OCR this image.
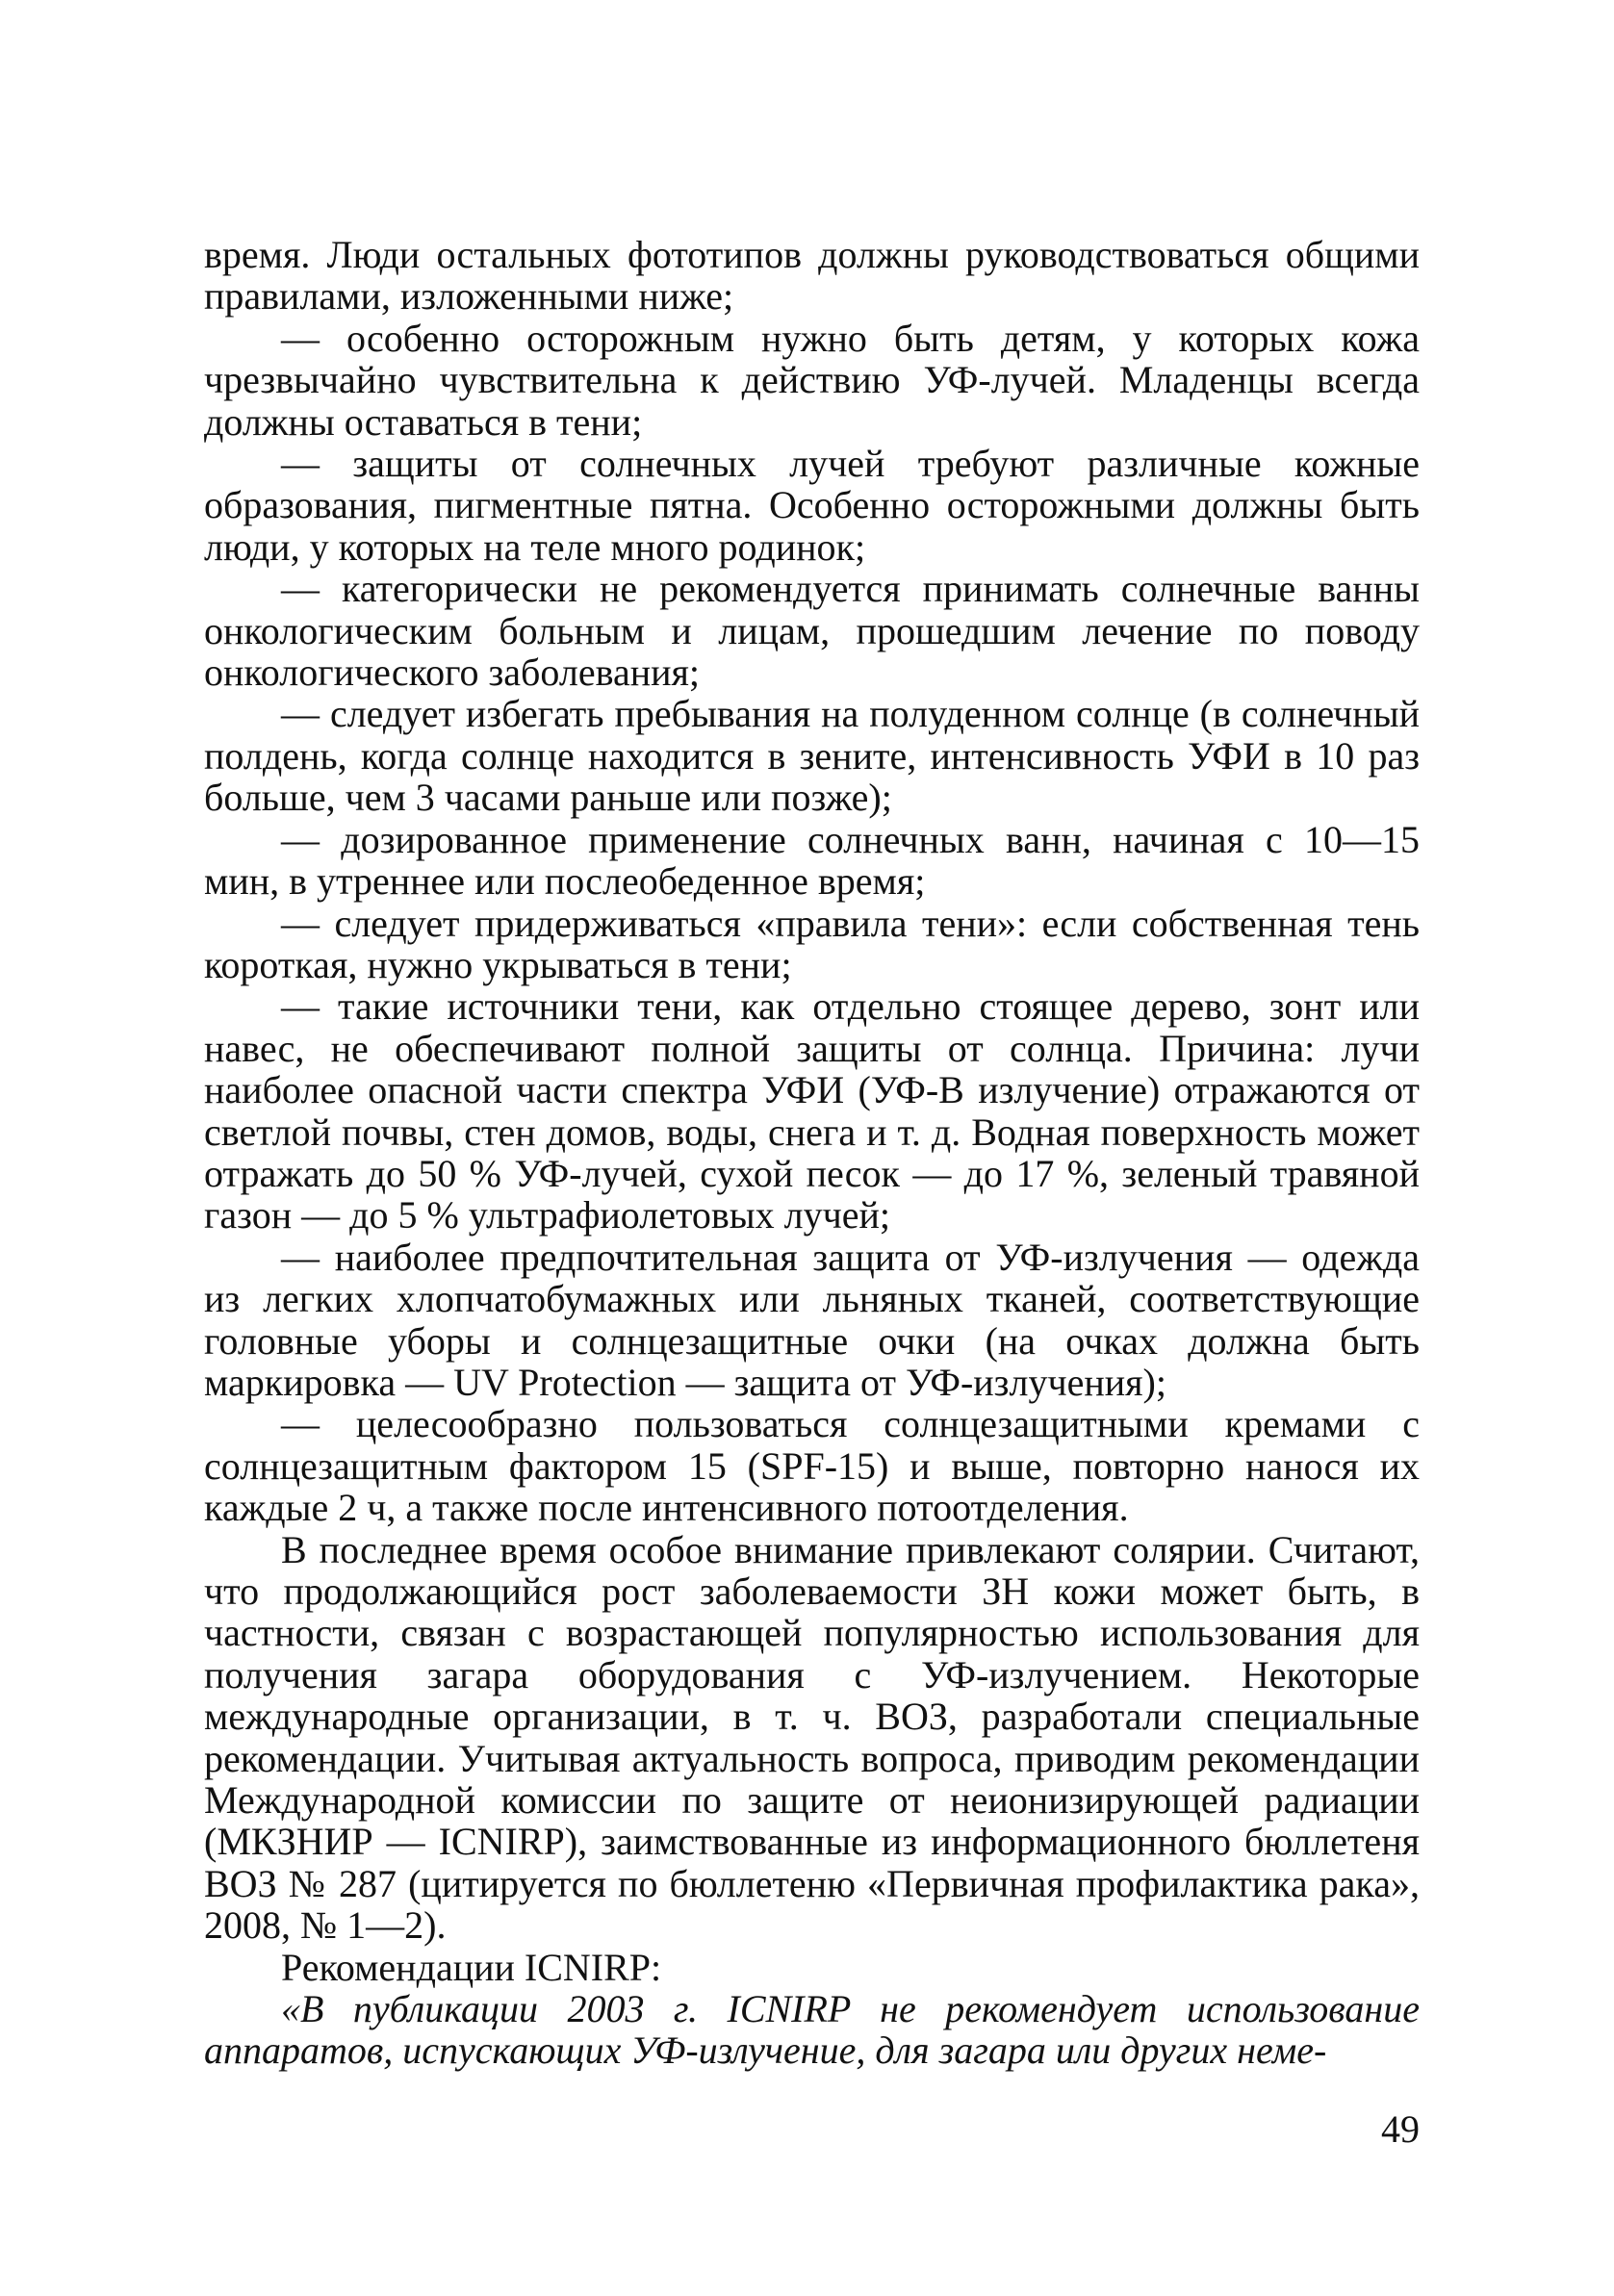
время. Люди остальных фототипов должны руководствоваться общими правилами, изложенными ниже;

— особенно осторожным нужно быть детям, у которых кожа чрезвычайно чувствительна к действию УФ-лучей. Младенцы всегда должны оставаться в тени;

— защиты от солнечных лучей требуют различные кожные образования, пигментные пятна. Особенно осторожными должны быть люди, у которых на теле много родинок;

— категорически не рекомендуется принимать солнечные ванны онкологическим больным и лицам, прошедшим лечение по поводу онкологического заболевания;

— следует избегать пребывания на полуденном солнце (в солнечный полдень, когда солнце находится в зените, интенсивность УФИ в 10 раз больше, чем 3 часами раньше или позже);

— дозированное применение солнечных ванн, начиная с 10—15 мин, в утреннее или послеобеденное время;

— следует придерживаться «правила тени»: если собственная тень короткая, нужно укрываться в тени;

— такие источники тени, как отдельно стоящее дерево, зонт или навес, не обеспечивают полной защиты от солнца. Причина: лучи наиболее опасной части спектра УФИ (УФ-В излучение) отражаются от светлой почвы, стен домов, воды, снега и т. д. Водная поверхность может отражать до 50 % УФ-лучей, сухой песок — до 17 %, зеленый травяной газон — до 5 % ультрафиолетовых лучей;

— наиболее предпочтительная защита от УФ-излучения — одежда из легких хлопчатобумажных или льняных тканей, соответствующие головные уборы и солнцезащитные очки (на очках должна быть маркировка — UV Protection — защита от УФ-излучения);

— целесообразно пользоваться солнцезащитными кремами с солнцезащитным фактором 15 (SPF-15) и выше, повторно нанося их каждые 2 ч, а также после интенсивного потоотделения.

В последнее время особое внимание привлекают солярии. Считают, что продолжающийся рост заболеваемости ЗН кожи может быть, в частности, связан с возрастающей популярностью использования для получения загара оборудования с УФ-излучением. Некоторые международные организации, в т. ч. ВОЗ, разработали специальные рекомендации. Учитывая актуальность вопроса, приводим рекомендации Международной комиссии по защите от неионизирующей радиации (МКЗНИР — ICNIRP), заимствованные из информационного бюллетеня ВОЗ № 287 (цитируется по бюллетеню «Первичная профилактика рака», 2008, № 1—2).

Рекомендации ICNIRP:

«В публикации 2003 г. ICNIRP не рекомендует использование аппаратов, испускающих УФ-излучение, для загара или других неме-

49
